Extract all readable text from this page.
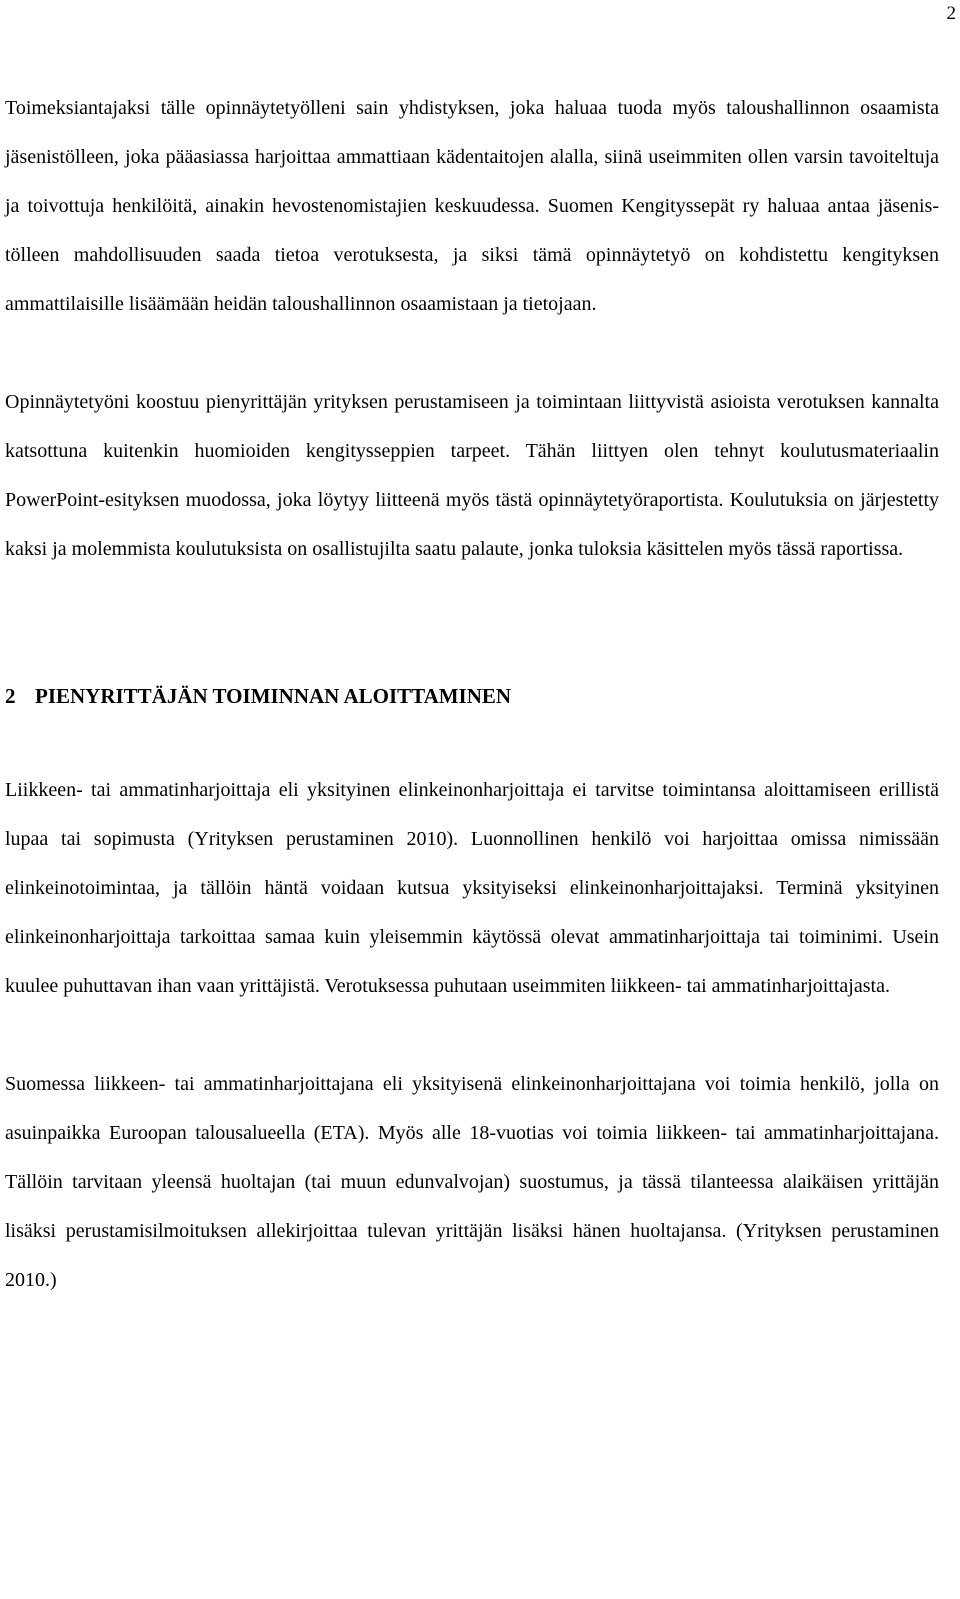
2

Toimeksiantajaksi tälle opinnäytetyölleni sain yhdistyksen, joka haluaa tuoda myös taloushallinnon osaamista jäsenistölleen, joka pääasiassa harjoittaa ammattiaan kädentaitojen alalla, siinä useimmiten ollen varsin tavoiteltuja ja toivottuja henkilöitä, ainakin hevostenomistajien keskuudessa. Suomen Kengityssepät ry haluaa antaa jäsenistölleen mahdollisuuden saada tietoa verotuksesta, ja siksi tämä opinnäytetyö on kohdistettu kengityksen ammattilaisille lisäämään heidän taloushallinnon osaamistaan ja tietojaan.

Opinnäytetyöni koostuu pienyrittäjän yrityksen perustamiseen ja toimintaan liittyvistä asioista verotuksen kannalta katsottuna kuitenkin huomioiden kengitysseppien tarpeet. Tähän liittyen olen tehnyt koulutusmateriaalin PowerPoint-esityksen muodossa, joka löytyy liitteenä myös tästä opinnäytetyöraportista. Koulutuksia on järjestetty kaksi ja molemmista koulutuksista on osallistujilta saatu palaute, jonka tuloksia käsittelen myös tässä raportissa.

2 PIENYRITTÄJÄN TOIMINNAN ALOITTAMINEN

Liikkeen- tai ammatinharjoittaja eli yksityinen elinkeinonharjoittaja ei tarvitse toimintansa aloittamiseen erillistä lupaa tai sopimusta (Yrityksen perustaminen 2010). Luonnollinen henkilö voi harjoittaa omissa nimissään elinkeinotoimintaa, ja tällöin häntä voidaan kutsua yksityiseksi elinkeinonharjoittajaksi. Terminä yksityinen elinkeinonharjoittaja tarkoittaa samaa kuin yleisemmin käytössä olevat ammatinharjoittaja tai toiminimi. Usein kuulee puhuttavan ihan vaan yrittäjistä. Verotuksessa puhutaan useimmiten liikkeen- tai ammatinharjoittajasta.

Suomessa liikkeen- tai ammatinharjoittajana eli yksityisenä elinkeinonharjoittajana voi toimia henkilö, jolla on asuinpaikka Euroopan talousalueella (ETA). Myös alle 18-vuotias voi toimia liikkeen- tai ammatinharjoittajana. Tällöin tarvitaan yleensä huoltajan (tai muun edunvalvojan) suostumus, ja tässä tilanteessa alaikäisen yrittäjän lisäksi perustamisilmoituksen allekirjoittaa tulevan yrittäjän lisäksi hänen huoltajansa. (Yrityksen perustaminen 2010.)
